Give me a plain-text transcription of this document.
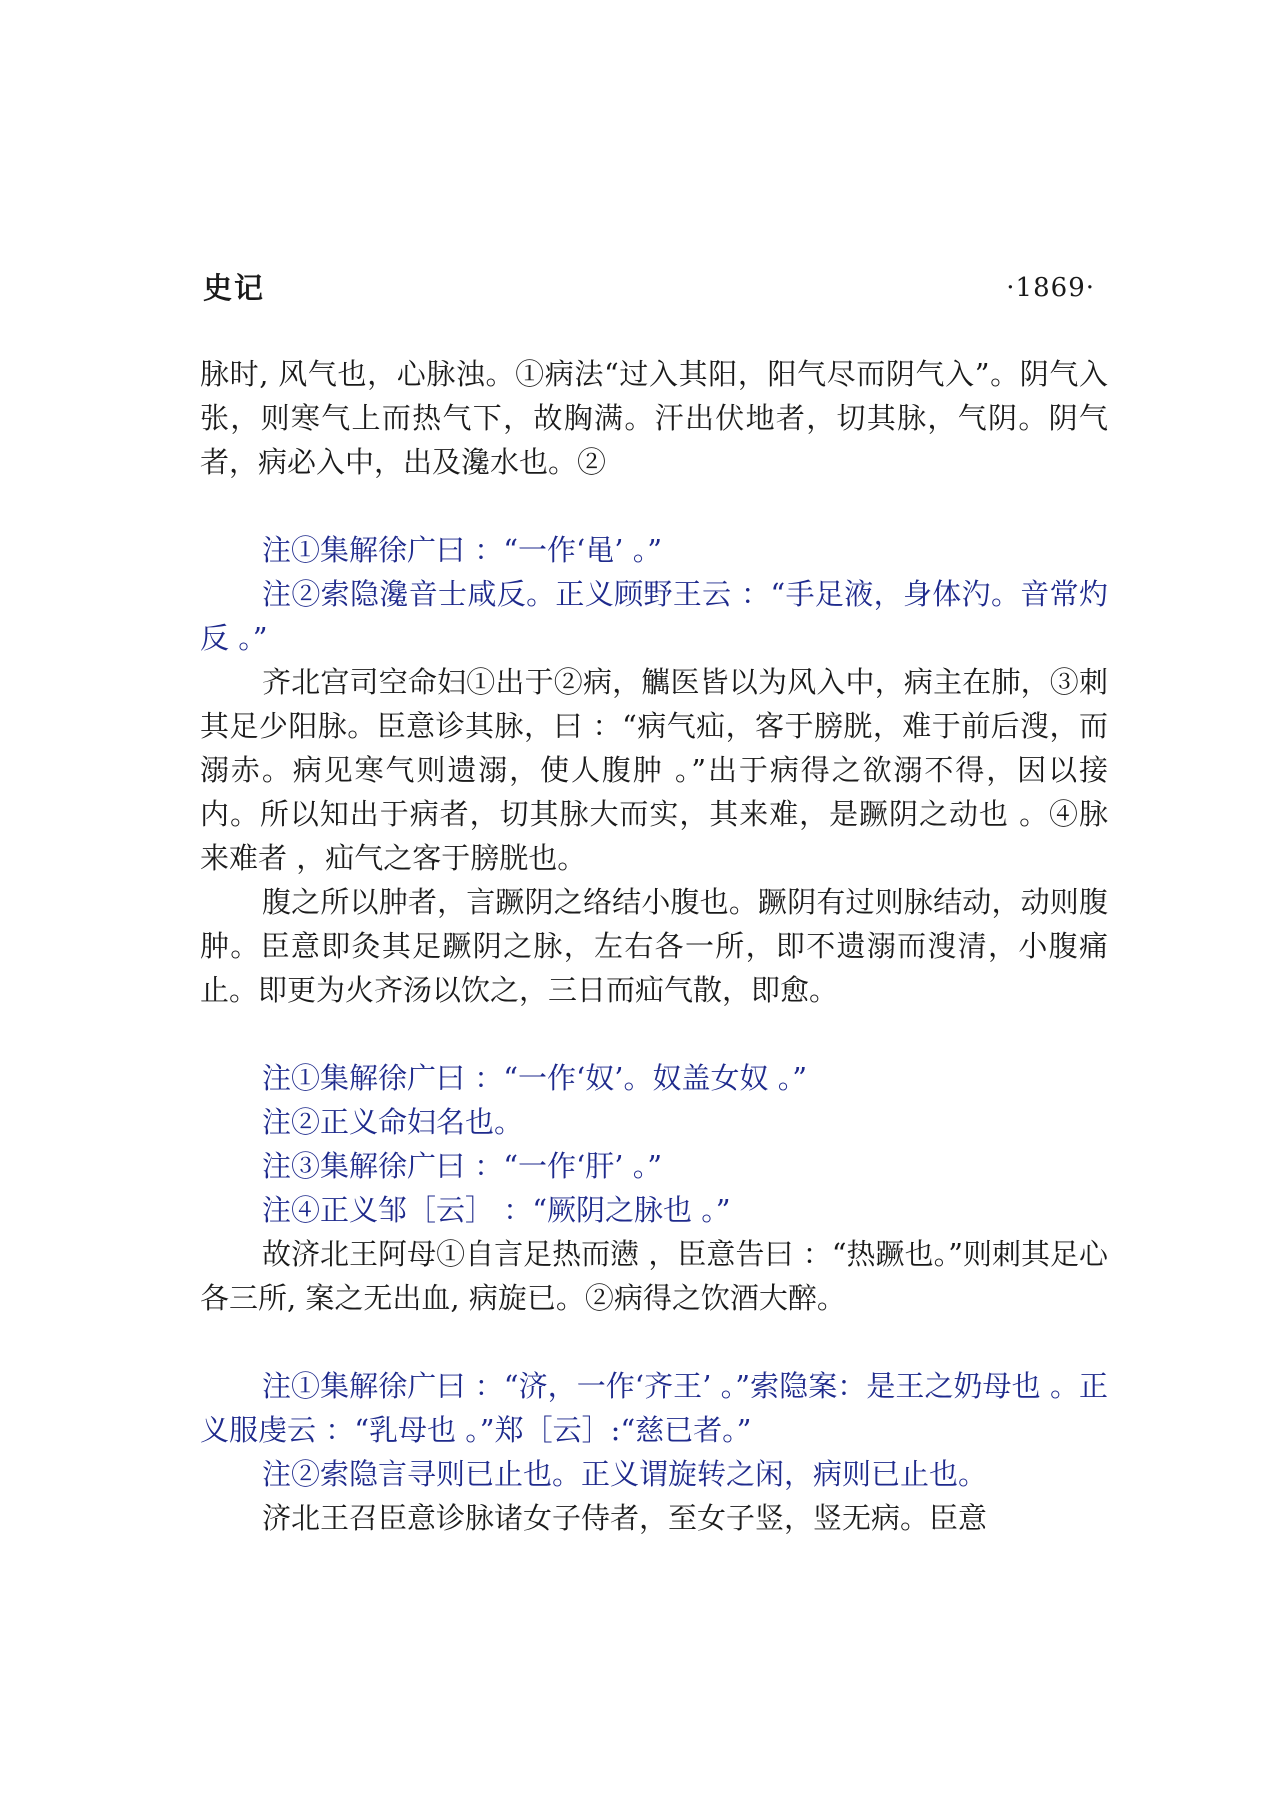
史记	·1869·

脉时, 风气也，心脉浊。①病法“过入其阳，阳气尽而阴气入”。阴气入张，则寒气上而热气下，故胸满。汗出伏地者，切其脉，气阴。阴气者，病必入中，出及瀺水也。②

注①集解徐广曰 ：“一作‘黾’ 。”

注②索隐瀺音士咸反。正义顾野王云 ：“手足液，身体汋。音常灼反 。”

齐北宫司空命妇①出于②病，觽医皆以为风入中，病主在肺，③刺其足少阳脉。臣意诊其脉，曰 ：“病气疝，客于膀胱，难于前后溲，而溺赤。病见寒气则遗溺，使人腹肿 。”出于病得之欲溺不得，因以接内。所以知出于病者，切其脉大而实，其来难，是蹶阴之动也 。④脉来难者 ，疝气之客于膀胱也。

腹之所以肿者，言蹶阴之络结小腹也。蹶阴有过则脉结动，动则腹肿。臣意即灸其足蹶阴之脉，左右各一所，即不遗溺而溲清，小腹痛止。即更为火齐汤以饮之，三日而疝气散，即愈。

注①集解徐广曰 ：“一作‘奴’。奴盖女奴 。”

注②正义命妇名也。

注③集解徐广曰 ：“一作‘肝’ 。”

注④正义邹［云］ ：“厥阴之脉也 。”

故济北王阿母①自言足热而懑 ，臣意告曰 ：“热蹶也。”则刺其足心各三所, 案之无出血, 病旋已。②病得之饮酒大醉。

注①集解徐广曰 ：“济，一作‘齐王’ 。”索隐案：是王之奶母也 。正义服虔云 ：“乳母也 。”郑［云］:“慈已者。”

注②索隐言寻则已止也。正义谓旋转之闲，病则已止也。

济北王召臣意诊脉诸女子侍者，至女子竖，竖无病。臣意
